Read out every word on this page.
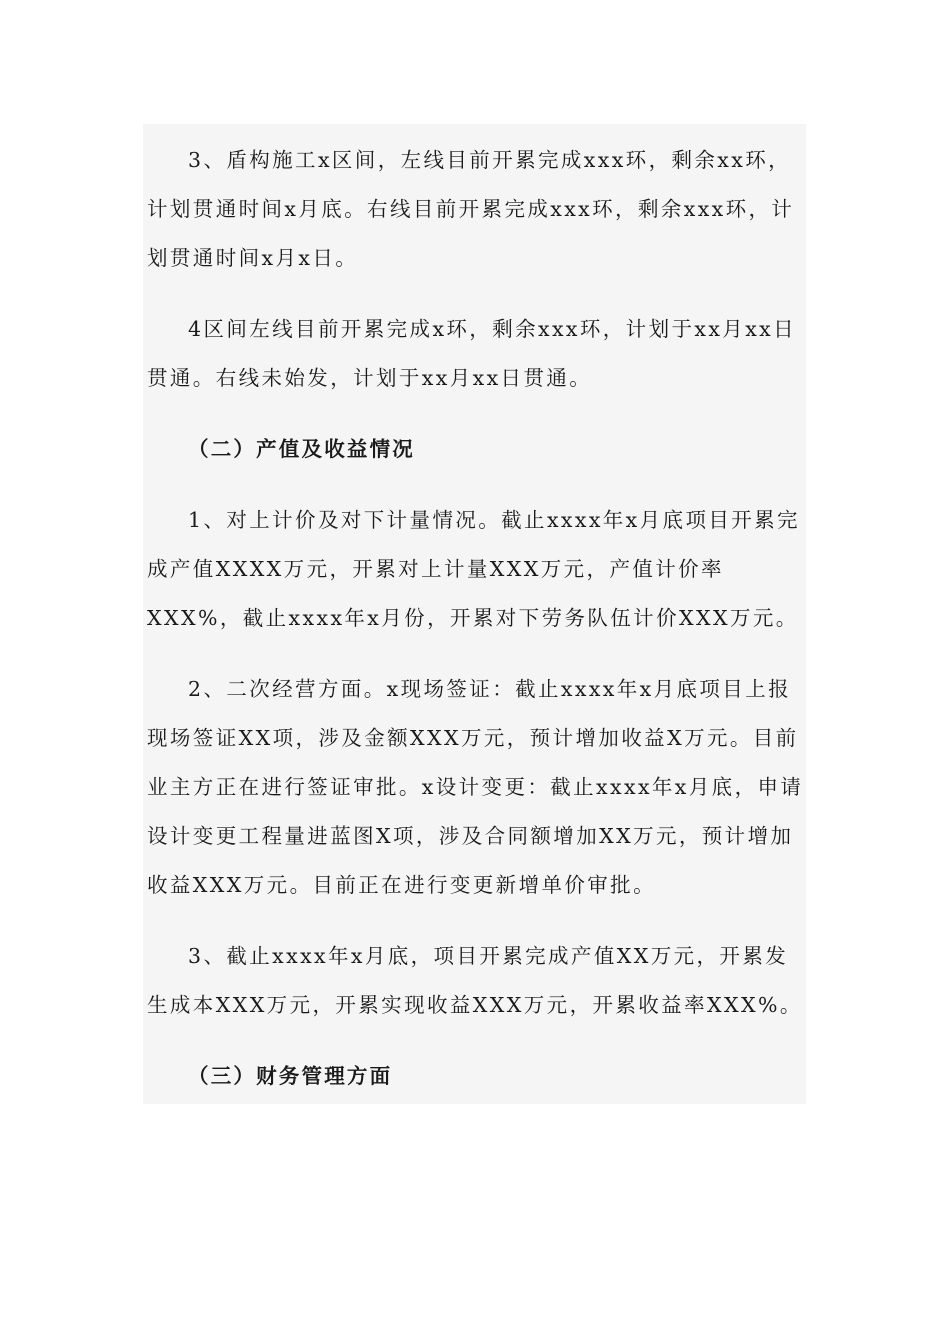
3、盾构施工x区间，左线目前开累完成xxx环，剩余xx环，计划贯通时间x月底。右线目前开累完成xxx环，剩余xxx环，计划贯通时间x月x日。

4区间左线目前开累完成x环，剩余xxx环，计划于xx月xx日贯通。右线未始发，计划于xx月xx日贯通。

（二）产值及收益情况

1、对上计价及对下计量情况。截止xxxx年x月底项目开累完成产值XXXX万元，开累对上计量XXX万元，产值计价率XXX%，截止xxxx年x月份，开累对下劳务队伍计价XXX万元。

2、二次经营方面。x现场签证：截止xxxx年x月底项目上报现场签证XX项，涉及金额XXX万元，预计增加收益X万元。目前业主方正在进行签证审批。x设计变更：截止xxxx年x月底，申请设计变更工程量进蓝图X项，涉及合同额增加XX万元，预计增加收益XXX万元。目前正在进行变更新增单价审批。

3、截止xxxx年x月底，项目开累完成产值XX万元，开累发生成本XXX万元，开累实现收益XXX万元，开累收益率XXX%。

（三）财务管理方面
